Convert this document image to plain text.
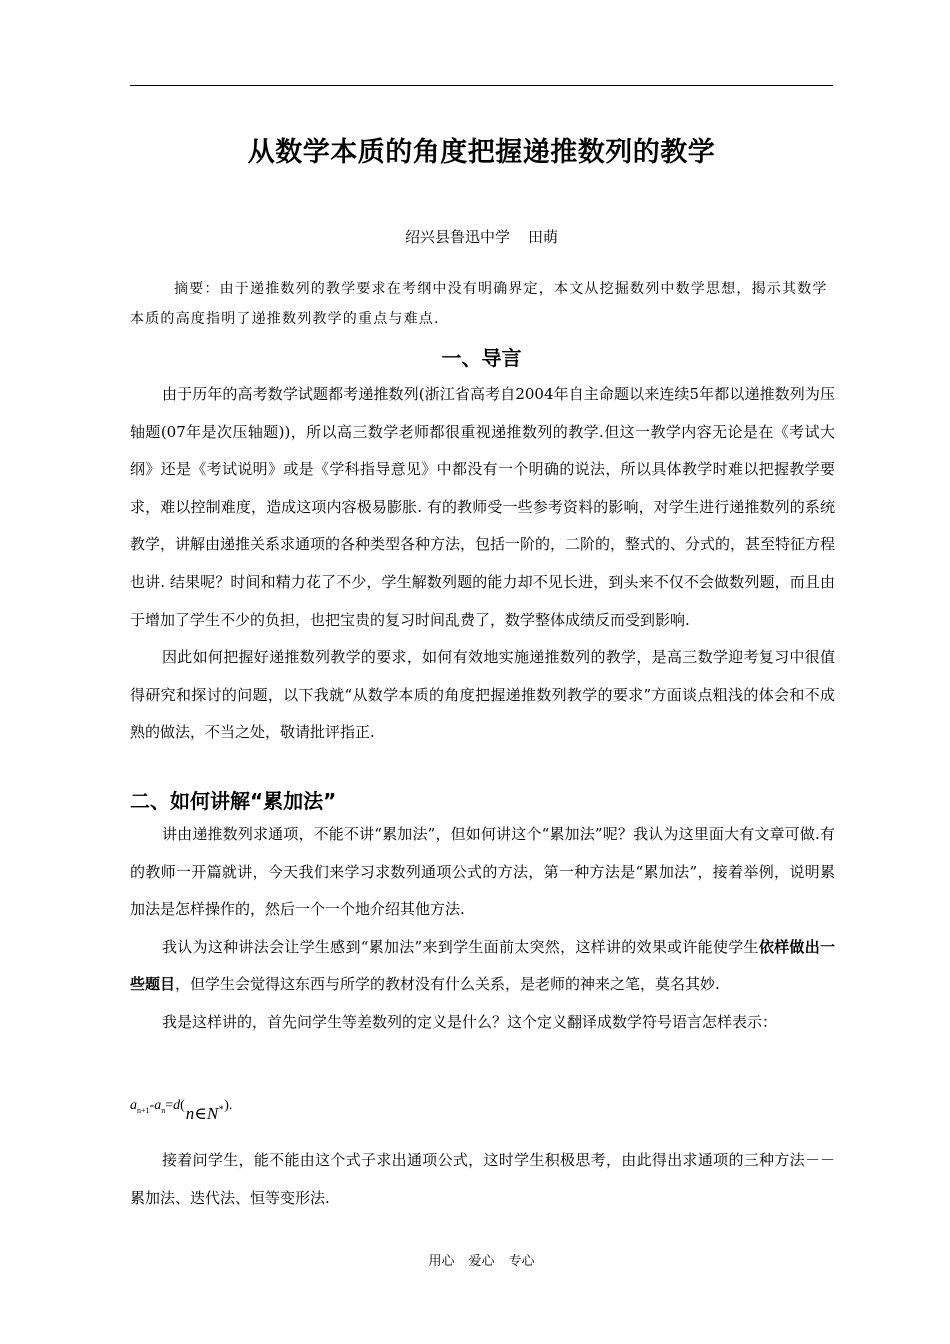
从数学本质的角度把握递推数列的教学
绍兴县鲁迅中学 田萌

摘要：由于递推数列的教学要求在考纲中没有明确界定，本文从挖掘数列中数学思想，揭示其数学本质的高度指明了递推数列教学的重点与难点.

一、导言

由于历年的高考数学试题都考递推数列(浙江省高考自2004年自主命题以来连续5年都以递推数列为压轴题(07年是次压轴题))，所以高三数学老师都很重视递推数列的教学.但这一教学内容无论是在《考试大纲》还是《考试说明》或是《学科指导意见》中都没有一个明确的说法，所以具体教学时难以把握教学要求，难以控制难度，造成这项内容极易膨胀. 有的教师受一些参考资料的影响，对学生进行递推数列的系统教学，讲解由递推关系求通项的各种类型各种方法，包括一阶的，二阶的，整式的、分式的，甚至特征方程也讲. 结果呢？时间和精力花了不少，学生解数列题的能力却不见长进，到头来不仅不会做数列题，而且由于增加了学生不少的负担，也把宝贵的复习时间乱费了，数学整体成绩反而受到影响.

因此如何把握好递推数列教学的要求，如何有效地实施递推数列的教学，是高三数学迎考复习中很值得研究和探讨的问题，以下我就“从数学本质的角度把握递推数列教学的要求”方面谈点粗浅的体会和不成熟的做法，不当之处，敬请批评指正.

二、如何讲解“累加法”

讲由递推数列求通项，不能不讲“累加法”，但如何讲这个“累加法”呢？我认为这里面大有文章可做.有的教师一开篇就讲，今天我们来学习求数列通项公式的方法，第一种方法是“累加法”，接着举例，说明累加法是怎样操作的，然后一个一个地介绍其他方法.

我认为这种讲法会让学生感到“累加法”来到学生面前太突然，这样讲的效果或许能使学生依样做出一些题目，但学生会觉得这东西与所学的教材没有什么关系，是老师的神来之笔，莫名其妙.

我是这样讲的，首先问学生等差数列的定义是什么？这个定义翻译成数学符号语言怎样表示：

$a_{n+1}-a_n=d(n\in N^*)$.

接着问学生，能不能由这个式子求出通项公式，这时学生积极思考，由此得出求通项的三种方法－－累加法、迭代法、恒等变形法.

用心 爱心 专心
